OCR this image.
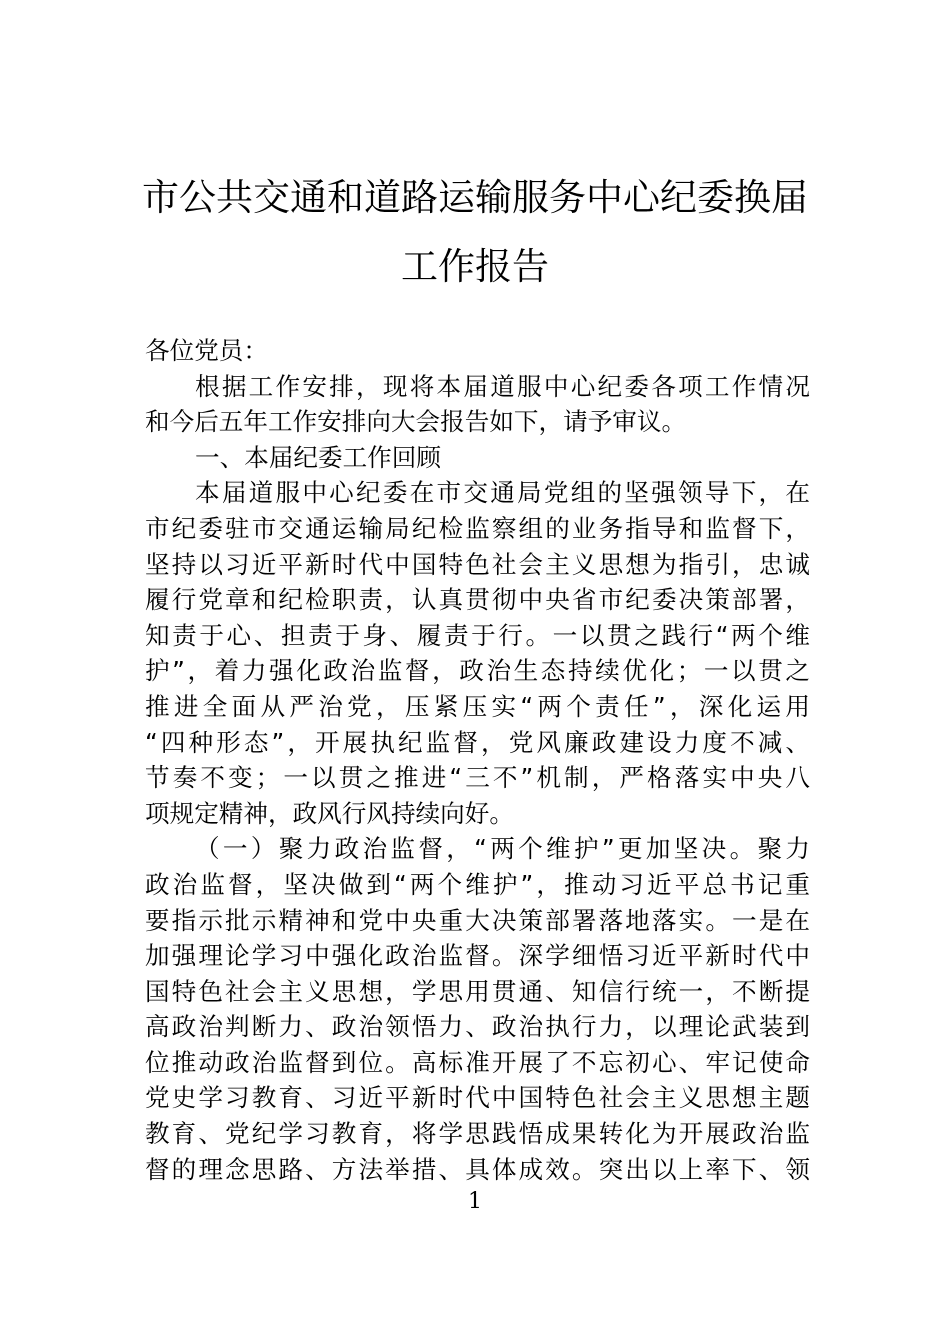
市公共交通和道路运输服务中心纪委换届
工作报告
各位党员：
根据工作安排，现将本届道服中心纪委各项工作情况
和今后五年工作安排向大会报告如下，请予审议。
一、本届纪委工作回顾
本届道服中心纪委在市交通局党组的坚强领导下，在
市纪委驻市交通运输局纪检监察组的业务指导和监督下，
坚持以习近平新时代中国特色社会主义思想为指引，忠诚
履行党章和纪检职责，认真贯彻中央省市纪委决策部署，
知责于心、担责于身、履责于行。一以贯之践行“两个维
护”，着力强化政治监督，政治生态持续优化；一以贯之
推进全面从严治党，压紧压实“两个责任”，深化运用
“四种形态”，开展执纪监督，党风廉政建设力度不减、
节奏不变；一以贯之推进“三不”机制，严格落实中央八
项规定精神，政风行风持续向好。
（一）聚力政治监督，“两个维护”更加坚决。聚力
政治监督，坚决做到“两个维护”，推动习近平总书记重
要指示批示精神和党中央重大决策部署落地落实。一是在
加强理论学习中强化政治监督。深学细悟习近平新时代中
国特色社会主义思想，学思用贯通、知信行统一，不断提
高政治判断力、政治领悟力、政治执行力，以理论武装到
位推动政治监督到位。高标准开展了不忘初心、牢记使命
党史学习教育、习近平新时代中国特色社会主义思想主题
教育、党纪学习教育，将学思践悟成果转化为开展政治监
督的理念思路、方法举措、具体成效。突出以上率下、领
1
